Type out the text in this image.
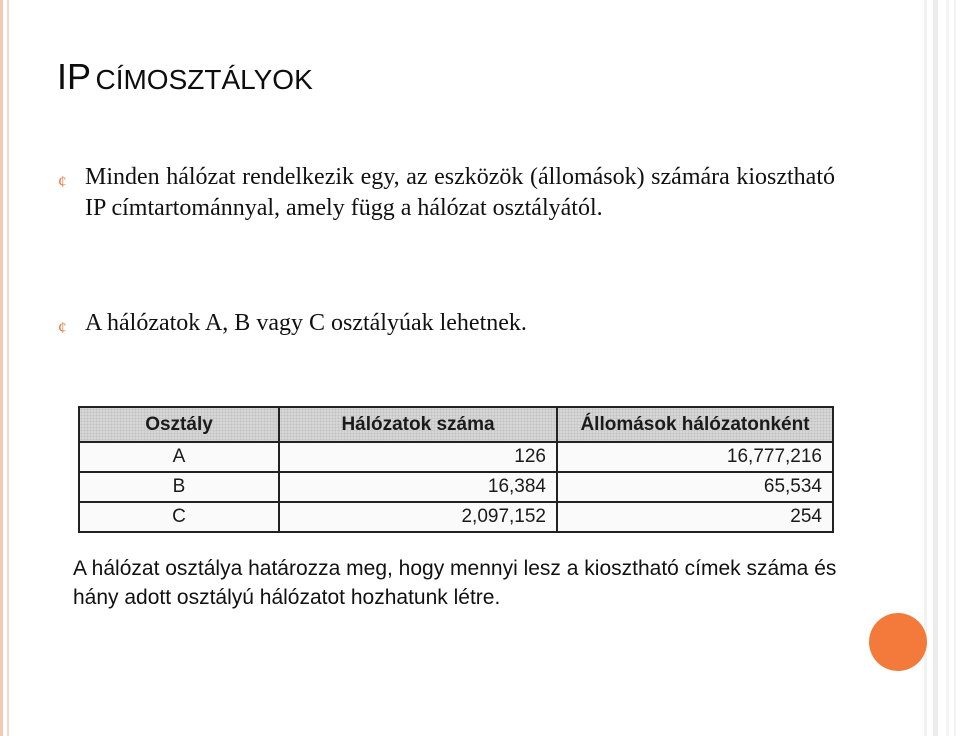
IP CÍMOSZTÁLYOK
¢ Minden hálózat rendelkezik egy, az eszközök (állomások) számára kiosztható IP címtartománnyal, amely függ a hálózat osztályától.
¢ A hálózatok A, B vagy C osztályúak lehetnek.
Osztály	Hálózatok száma	Állomások hálózatonként
A	126	16,777,216
B	16,384	65,534
C	2,097,152	254
A hálózat osztálya határozza meg, hogy mennyi lesz a kiosztható címek száma és hány adott osztályú hálózatot hozhatunk létre.
